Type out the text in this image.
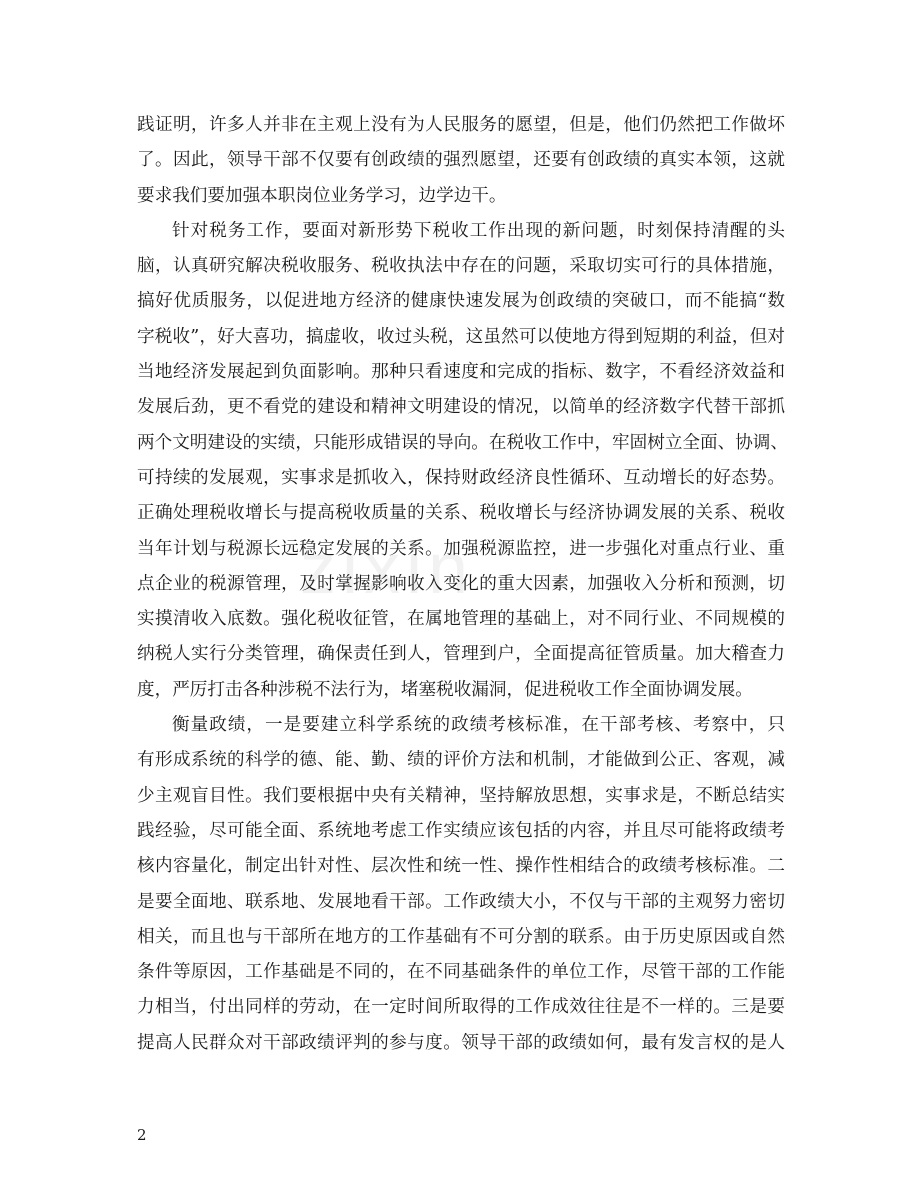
zixin
践证明，许多人并非在主观上没有为人民服务的愿望，但是，他们仍然把工作做坏
了。因此，领导干部不仅要有创政绩的强烈愿望，还要有创政绩的真实本领，这就
要求我们要加强本职岗位业务学习，边学边干。
针对税务工作，要面对新形势下税收工作出现的新问题，时刻保持清醒的头
脑，认真研究解决税收服务、税收执法中存在的问题，采取切实可行的具体措施，
搞好优质服务，以促进地方经济的健康快速发展为创政绩的突破口，而不能搞“数
字税收”，好大喜功，搞虚收，收过头税，这虽然可以使地方得到短期的利益，但对
当地经济发展起到负面影响。那种只看速度和完成的指标、数字，不看经济效益和
发展后劲，更不看党的建设和精神文明建设的情况，以简单的经济数字代替干部抓
两个文明建设的实绩，只能形成错误的导向。在税收工作中，牢固树立全面、协调、
可持续的发展观，实事求是抓收入，保持财政经济良性循环、互动增长的好态势。
正确处理税收增长与提高税收质量的关系、税收增长与经济协调发展的关系、税收
当年计划与税源长远稳定发展的关系。加强税源监控，进一步强化对重点行业、重
点企业的税源管理，及时掌握影响收入变化的重大因素，加强收入分析和预测，切
实摸清收入底数。强化税收征管，在属地管理的基础上，对不同行业、不同规模的
纳税人实行分类管理，确保责任到人，管理到户，全面提高征管质量。加大稽查力
度，严厉打击各种涉税不法行为，堵塞税收漏洞，促进税收工作全面协调发展。
衡量政绩，一是要建立科学系统的政绩考核标准，在干部考核、考察中，只
有形成系统的科学的德、能、勤、绩的评价方法和机制，才能做到公正、客观，减
少主观盲目性。我们要根据中央有关精神，坚持解放思想，实事求是，不断总结实
践经验，尽可能全面、系统地考虑工作实绩应该包括的内容，并且尽可能将政绩考
核内容量化，制定出针对性、层次性和统一性、操作性相结合的政绩考核标准。二
是要全面地、联系地、发展地看干部。工作政绩大小，不仅与干部的主观努力密切
相关，而且也与干部所在地方的工作基础有不可分割的联系。由于历史原因或自然
条件等原因，工作基础是不同的，在不同基础条件的单位工作，尽管干部的工作能
力相当，付出同样的劳动，在一定时间所取得的工作成效往往是不一样的。三是要
提高人民群众对干部政绩评判的参与度。领导干部的政绩如何，最有发言权的是人
2
